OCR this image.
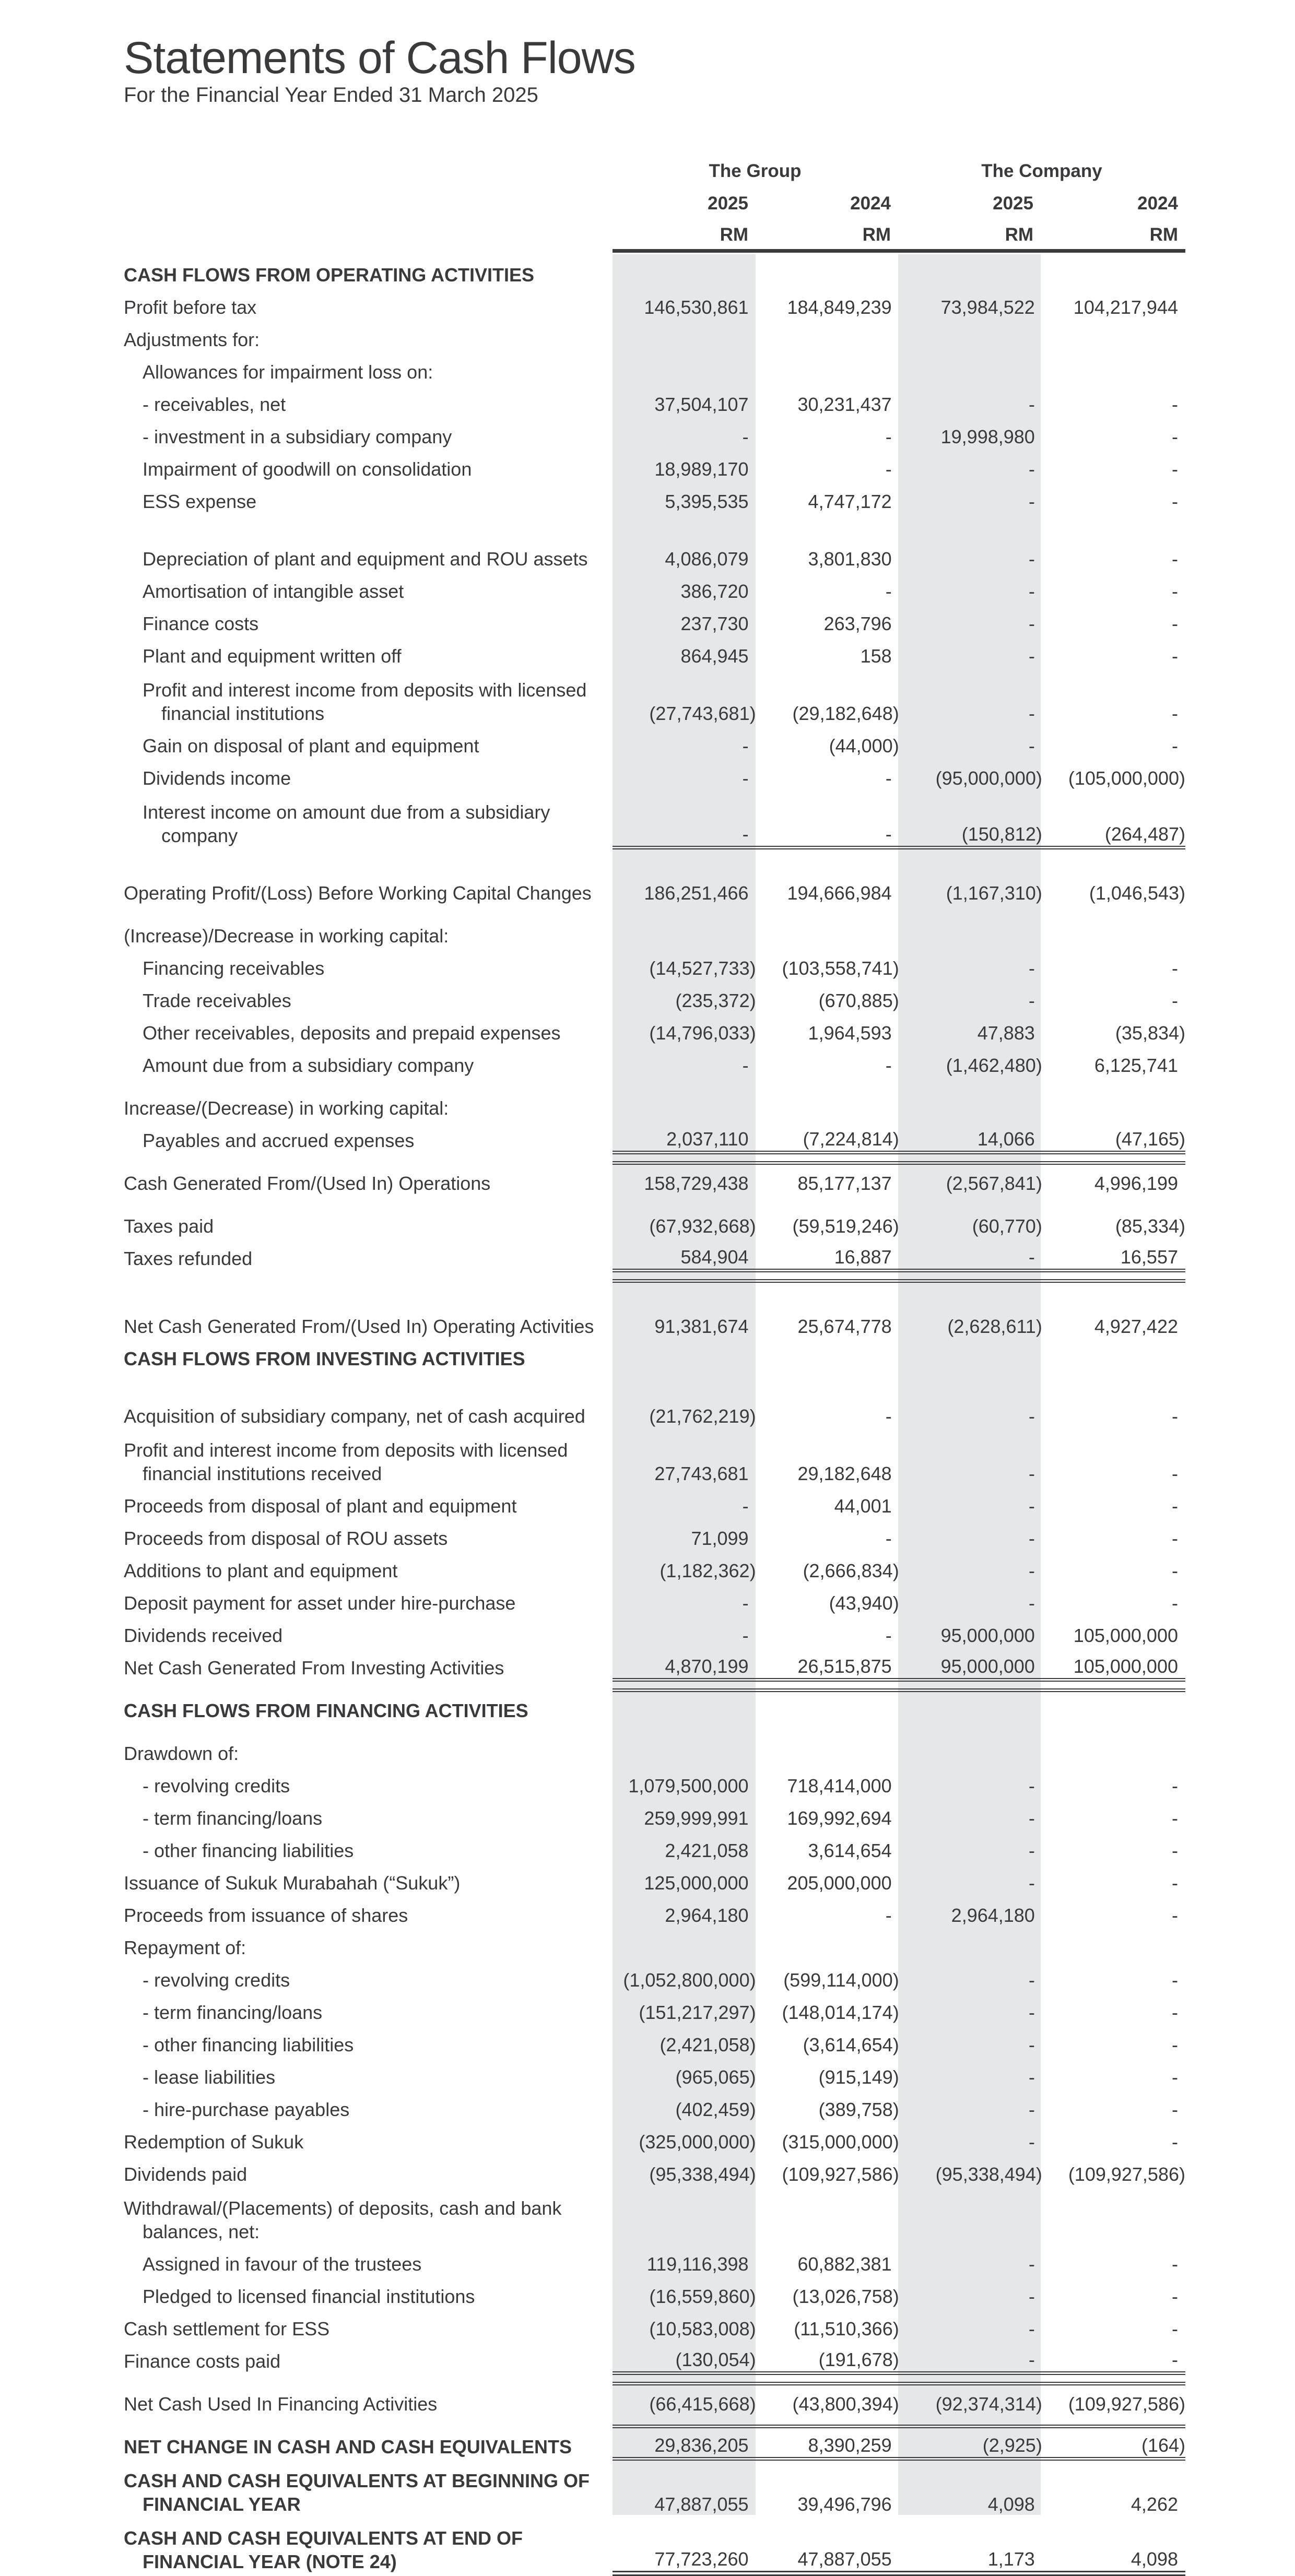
Statements of Cash Flows

For the Financial Year Ended 31 March 2025

The Group	The Company
2025	2024	2025	2024
RM	RM	RM	RM
CASH FLOWS FROM OPERATING ACTIVITIES				

Profit before tax	146,530,861	184,849,239	73,984,522	104,217,944

Adjustments for:				

Allowances for impairment loss on:				

- receivables, net	37,504,107	30,231,437	-	-

- investment in a subsidiary company	-	-	19,998,980	-

Impairment of goodwill on consolidation	18,989,170	-	-	-

ESS expense	5,395,535	4,747,172	-	-

Depreciation of plant and equipment and ROU assets	4,086,079	3,801,830	-	-

Amortisation of intangible asset	386,720	-	-	-

Finance costs	237,730	263,796	-	-

Plant and equipment written off	864,945	158	-	-

Profit and interest income from deposits with licensed financial institutions	(27,743,681)	(29,182,648)	-	-

Gain on disposal of plant and equipment	-	(44,000)	-	-

Dividends income	-	-	(95,000,000)	(105,000,000)

Interest income on amount due from a subsidiary company	-	-	(150,812)	(264,487)

Operating Profit/(Loss) Before Working Capital Changes	186,251,466	194,666,984	(1,167,310)	(1,046,543)

(Increase)/Decrease in working capital:				

Financing receivables	(14,527,733)	(103,558,741)	-	-

Trade receivables	(235,372)	(670,885)	-	-

Other receivables, deposits and prepaid expenses	(14,796,033)	1,964,593	47,883	(35,834)

Amount due from a subsidiary company	-	-	(1,462,480)	6,125,741

Increase/(Decrease) in working capital:				

Payables and accrued expenses	2,037,110	(7,224,814)	14,066	(47,165)

Cash Generated From/(Used In) Operations	158,729,438	85,177,137	(2,567,841)	4,996,199

Taxes paid	(67,932,668)	(59,519,246)	(60,770)	(85,334)

Taxes refunded	584,904	16,887	-	16,557

Net Cash Generated From/(Used In) Operating Activities	91,381,674	25,674,778	(2,628,611)	4,927,422

CASH FLOWS FROM INVESTING ACTIVITIES				

Acquisition of subsidiary company, net of cash acquired	(21,762,219)	-	-	-

Profit and interest income from deposits with licensed financial institutions received	27,743,681	29,182,648	-	-

Proceeds from disposal of plant and equipment	-	44,001	-	-

Proceeds from disposal of ROU assets	71,099	-	-	-

Additions to plant and equipment	(1,182,362)	(2,666,834)	-	-

Deposit payment for asset under hire-purchase	-	(43,940)	-	-

Dividends received	-	-	95,000,000	105,000,000

Net Cash Generated From Investing Activities	4,870,199	26,515,875	95,000,000	105,000,000

CASH FLOWS FROM FINANCING ACTIVITIES				

Drawdown of:				

- revolving credits	1,079,500,000	718,414,000	-	-

- term financing/loans	259,999,991	169,992,694	-	-

- other financing liabilities	2,421,058	3,614,654	-	-

Issuance of Sukuk Murabahah (“Sukuk”)	125,000,000	205,000,000	-	-

Proceeds from issuance of shares	2,964,180	-	2,964,180	-

Repayment of:				

- revolving credits	(1,052,800,000)	(599,114,000)	-	-

- term financing/loans	(151,217,297)	(148,014,174)	-	-

- other financing liabilities	(2,421,058)	(3,614,654)	-	-

- lease liabilities	(965,065)	(915,149)	-	-

- hire-purchase payables	(402,459)	(389,758)	-	-

Redemption of Sukuk	(325,000,000)	(315,000,000)	-	-

Dividends paid	(95,338,494)	(109,927,586)	(95,338,494)	(109,927,586)

Withdrawal/(Placements) of deposits, cash and bank balances, net:				

Assigned in favour of the trustees	119,116,398	60,882,381	-	-

Pledged to licensed financial institutions	(16,559,860)	(13,026,758)	-	-

Cash settlement for ESS	(10,583,008)	(11,510,366)	-	-

Finance costs paid	(130,054)	(191,678)	-	-

Net Cash Used In Financing Activities	(66,415,668)	(43,800,394)	(92,374,314)	(109,927,586)

NET CHANGE IN CASH AND CASH EQUIVALENTS	29,836,205	8,390,259	(2,925)	(164)

CASH AND CASH EQUIVALENTS AT BEGINNING OF FINANCIAL YEAR	47,887,055	39,496,796	4,098	4,262

CASH AND CASH EQUIVALENTS AT END OF FINANCIAL YEAR (NOTE 24)	77,723,260	47,887,055	1,173	4,098
